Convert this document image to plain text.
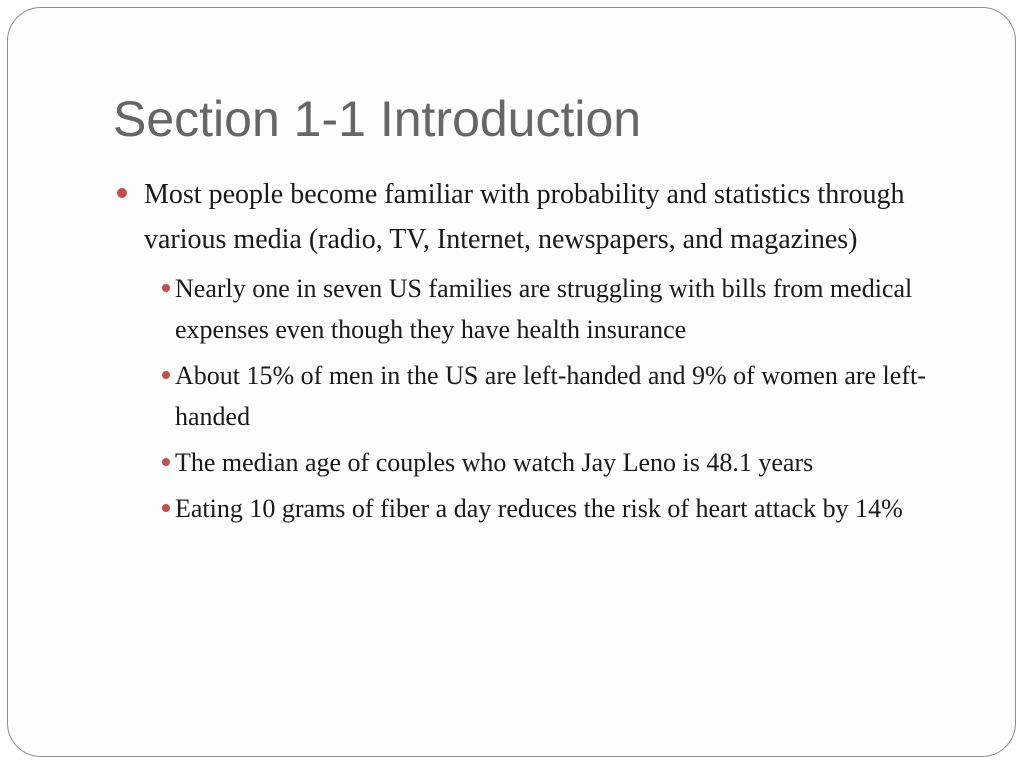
Section 1-1 Introduction
Most people become familiar with probability and statistics through various media (radio, TV, Internet, newspapers, and magazines)
Nearly one in seven US families are struggling with bills from medical expenses even though they have health insurance
About 15% of men in the US are left-handed and 9% of women are left-handed
The median age of couples who watch Jay Leno is 48.1 years
Eating 10 grams of fiber a day reduces the risk of heart attack by 14%
